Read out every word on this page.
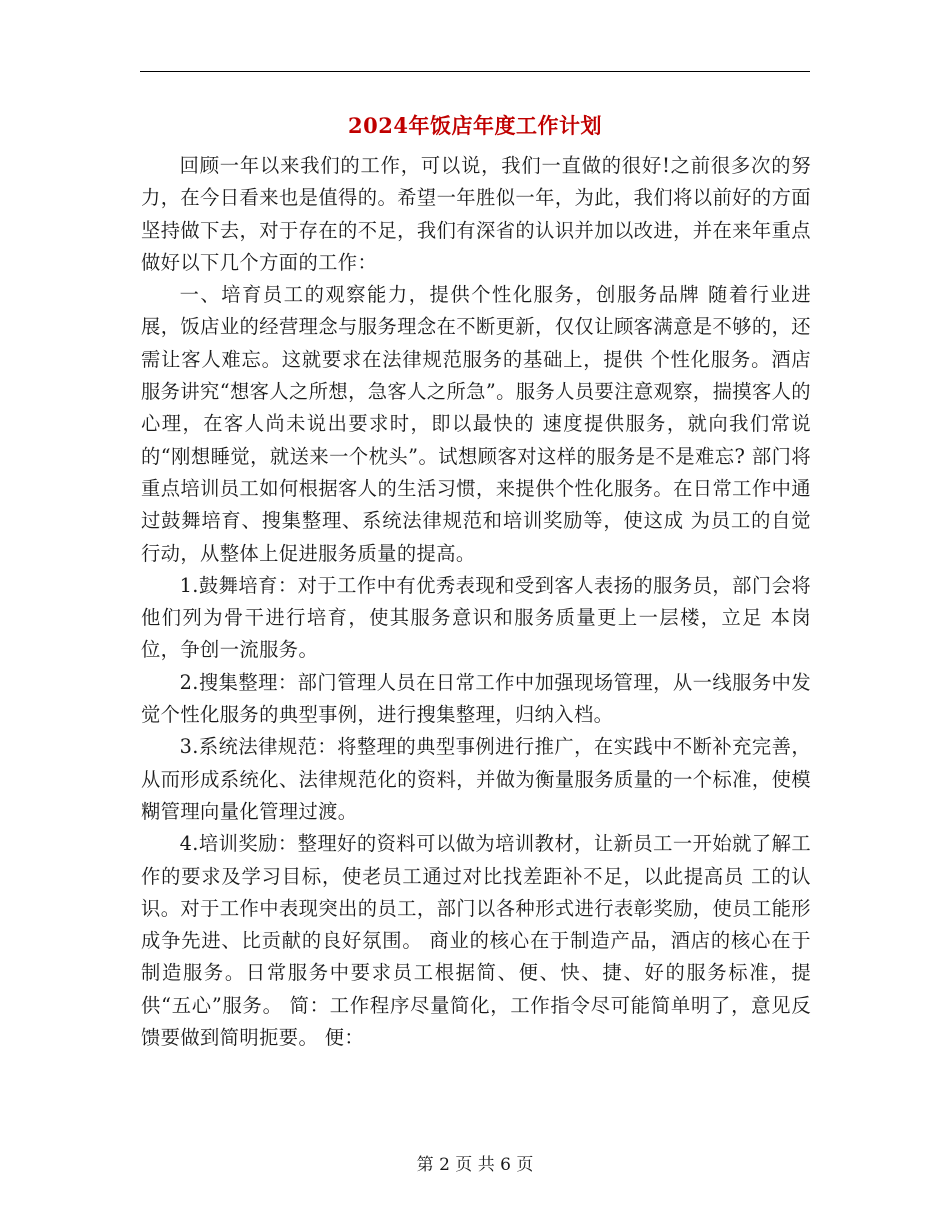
2024年饭店年度工作计划

回顾一年以来我们的工作，可以说，我们一直做的很好!之前很多次的努力，在今日看来也是值得的。希望一年胜似一年，为此，我们将以前好的方面坚持做下去，对于存在的不足，我们有深省的认识并加以改进，并在来年重点做好以下几个方面的工作：

一、培育员工的观察能力，提供个性化服务，创服务品牌 随着行业进展，饭店业的经营理念与服务理念在不断更新，仅仅让顾客满意是不够的，还需让客人难忘。这就要求在法律规范服务的基础上，提供 个性化服务。酒店服务讲究“想客人之所想，急客人之所急”。服务人员要注意观察，揣摸客人的心理，在客人尚未说出要求时，即以最快的 速度提供服务，就向我们常说的“刚想睡觉，就送来一个枕头”。试想顾客对这样的服务是不是难忘? 部门将重点培训员工如何根据客人的生活习惯，来提供个性化服务。在日常工作中通过鼓舞培育、搜集整理、系统法律规范和培训奖励等，使这成 为员工的自觉行动，从整体上促进服务质量的提高。

1.鼓舞培育：对于工作中有优秀表现和受到客人表扬的服务员，部门会将他们列为骨干进行培育，使其服务意识和服务质量更上一层楼，立足 本岗位，争创一流服务。

2.搜集整理：部门管理人员在日常工作中加强现场管理，从一线服务中发觉个性化服务的典型事例，进行搜集整理，归纳入档。

3.系统法律规范：将整理的典型事例进行推广，在实践中不断补充完善，从而形成系统化、法律规范化的资料，并做为衡量服务质量的一个标准，使模 糊管理向量化管理过渡。

4.培训奖励：整理好的资料可以做为培训教材，让新员工一开始就了解工作的要求及学习目标，使老员工通过对比找差距补不足，以此提高员 工的认识。对于工作中表现突出的员工，部门以各种形式进行表彰奖励，使员工能形成争先进、比贡献的良好氛围。 商业的核心在于制造产品，酒店的核心在于制造服务。日常服务中要求员工根据简、便、快、捷、好的服务标准，提供“五心”服务。 简：工作程序尽量简化，工作指令尽可能简单明了，意见反馈要做到简明扼要。 便：

第 2 页 共 6 页
